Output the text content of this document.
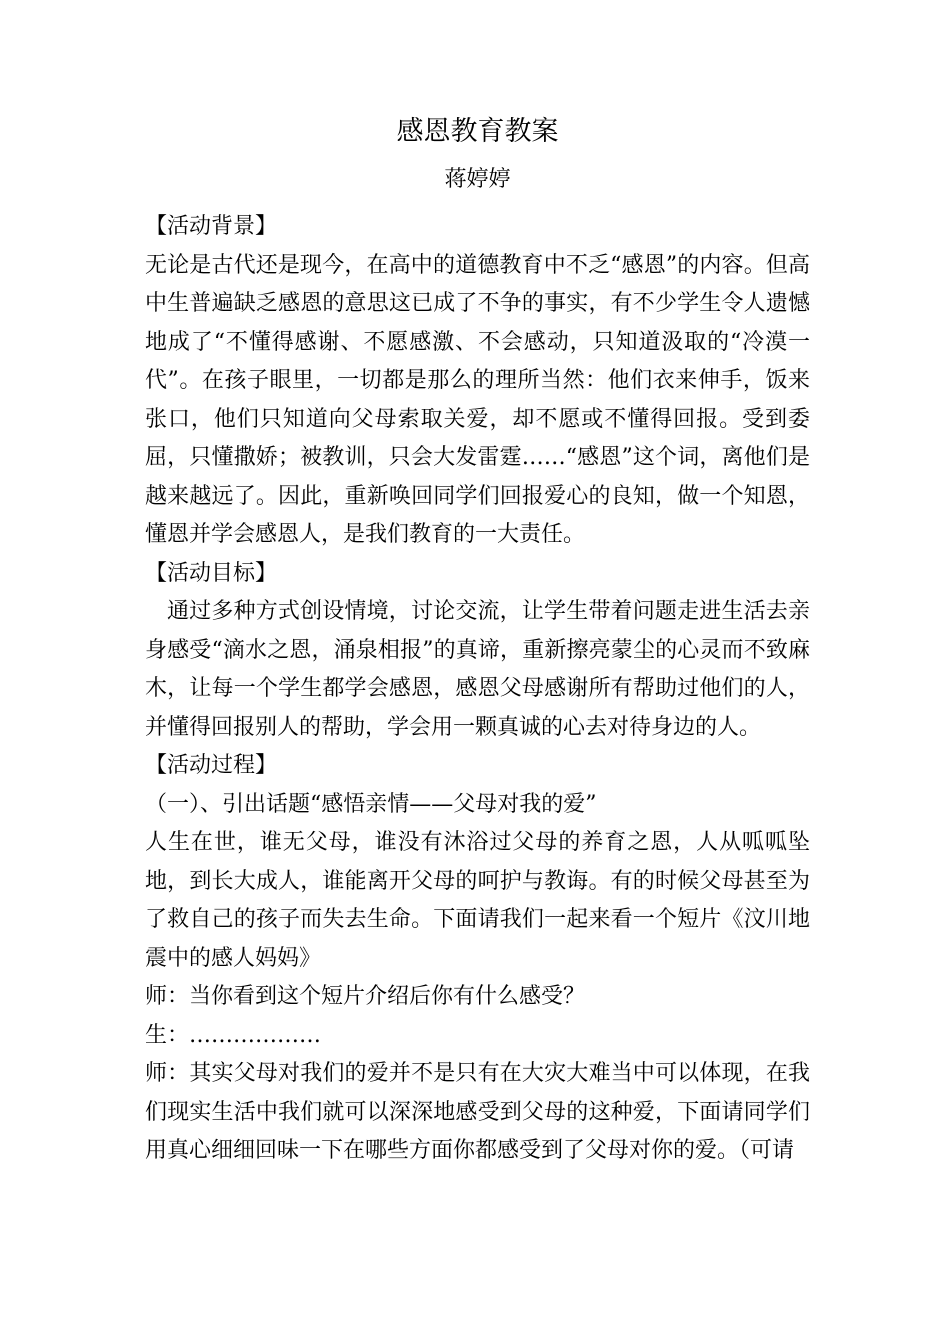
感恩教育教案
蒋婷婷

【活动背景】

无论是古代还是现今，在高中的道德教育中不乏“感恩”的内容。但高中生普遍缺乏感恩的意思这已成了不争的事实，有不少学生令人遗憾地成了“不懂得感谢、不愿感激、不会感动，只知道汲取的“冷漠一代”。在孩子眼里，一切都是那么的理所当然：他们衣来伸手，饭来张口，他们只知道向父母索取关爱，却不愿或不懂得回报。受到委屈，只懂撒娇；被教训，只会大发雷霆……“感恩”这个词，离他们是越来越远了。因此，重新唤回同学们回报爱心的良知，做一个知恩，懂恩并学会感恩人，是我们教育的一大责任。

【活动目标】

通过多种方式创设情境，讨论交流，让学生带着问题走进生活去亲身感受“滴水之恩，涌泉相报”的真谛，重新擦亮蒙尘的心灵而不致麻木，让每一个学生都学会感恩，感恩父母感谢所有帮助过他们的人，并懂得回报别人的帮助，学会用一颗真诚的心去对待身边的人。

【活动过程】

（一）、引出话题“感悟亲情——父母对我的爱”

人生在世，谁无父母，谁没有沐浴过父母的养育之恩，人从呱呱坠地，到长大成人，谁能离开父母的呵护与教诲。有的时候父母甚至为了救自己的孩子而失去生命。下面请我们一起来看一个短片《汶川地震中的感人妈妈》

师：当你看到这个短片介绍后你有什么感受？

生：………………

师：其实父母对我们的爱并不是只有在大灾大难当中可以体现，在我们现实生活中我们就可以深深地感受到父母的这种爱，下面请同学们用真心细细回味一下在哪些方面你都感受到了父母对你的爱。（可请
